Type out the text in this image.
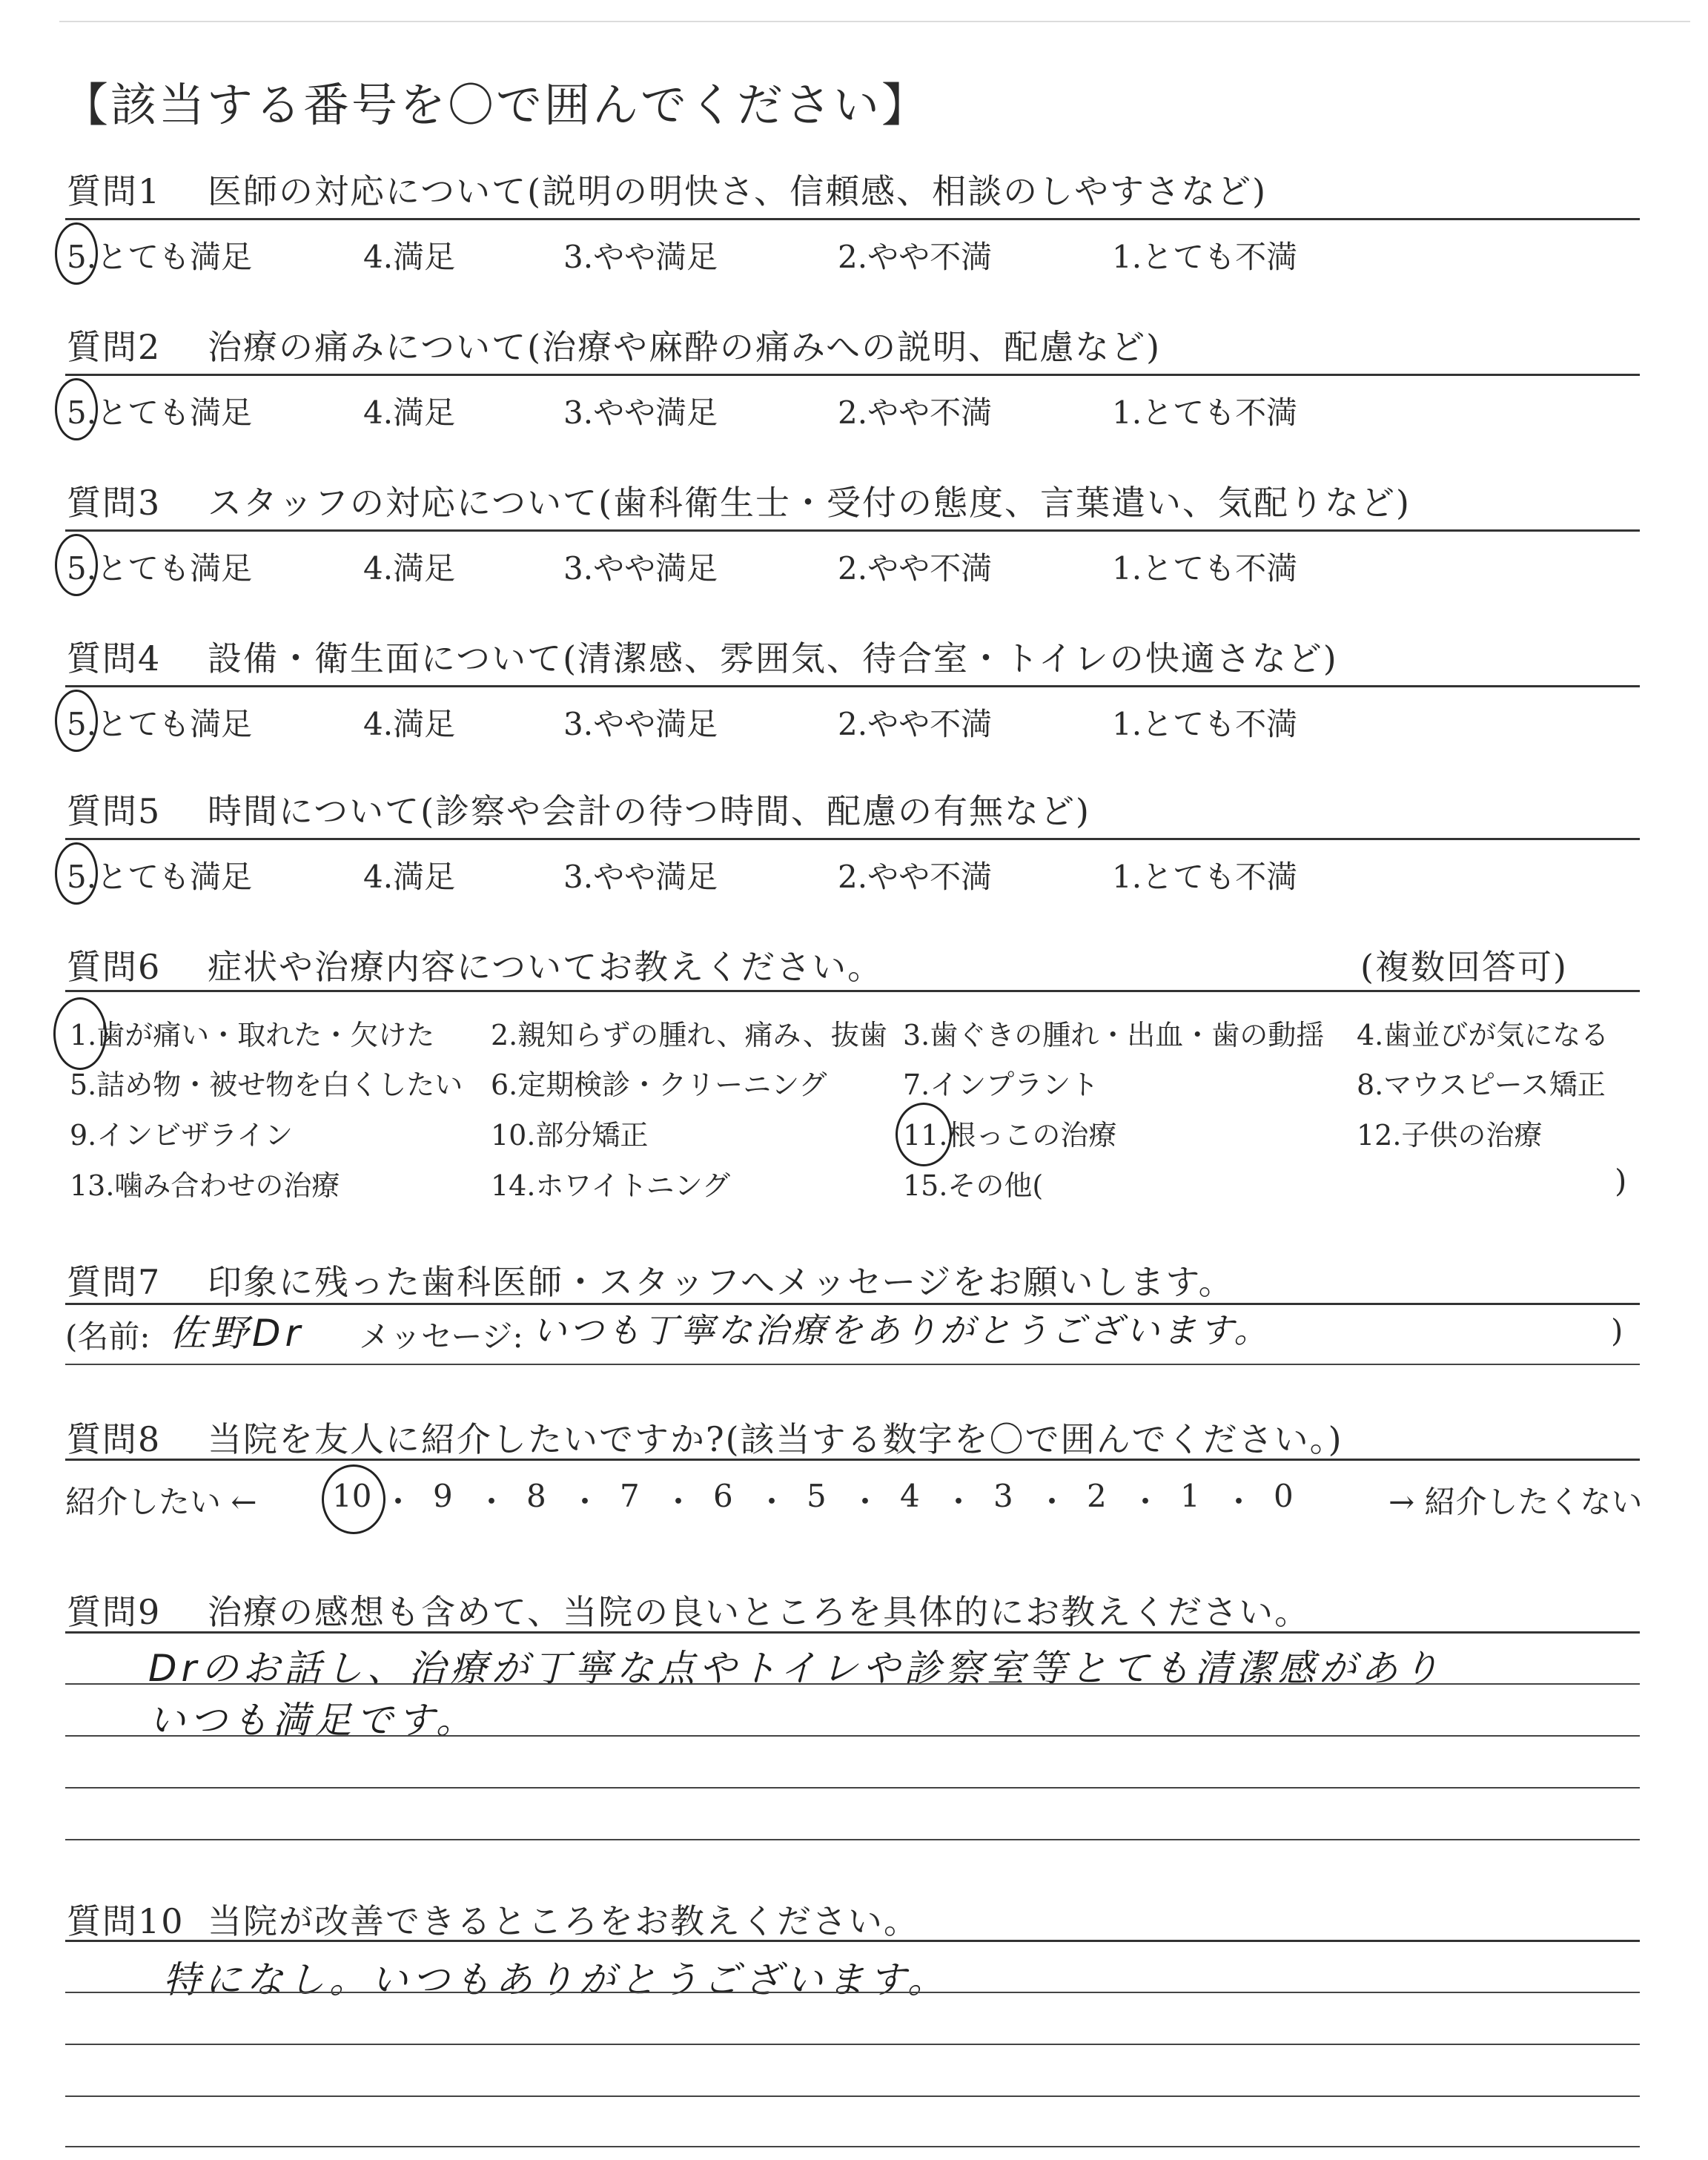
【該当する番号を〇で囲んでください】
質問1 医師の対応について(説明の明快さ、信頼感、相談のしやすさなど)
5.とても満足	4.満足	3.やや満足	2.やや不満	1.とても不満
質問2 治療の痛みについて(治療や麻酔の痛みへの説明、配慮など)
5.とても満足	4.満足	3.やや満足	2.やや不満	1.とても不満
質問3 スタッフの対応について(歯科衛生士・受付の態度、言葉遣い、気配りなど)
5.とても満足	4.満足	3.やや満足	2.やや不満	1.とても不満
質問4 設備・衛生面について(清潔感、雰囲気、待合室・トイレの快適さなど)
5.とても満足	4.満足	3.やや満足	2.やや不満	1.とても不満
質問5 時間について(診察や会計の待つ時間、配慮の有無など)
5.とても満足	4.満足	3.やや満足	2.やや不満	1.とても不満
質問6 症状や治療内容についてお教えください。	(複数回答可)
1.歯が痛い・取れた・欠けた 2.親知らずの腫れ、痛み、抜歯 3.歯ぐきの腫れ・出血・歯の動揺 4.歯並びが気になる
5.詰め物・被せ物を白くしたい 6.定期検診・クリーニング	7.インプラント	8.マウスピース矯正
9.インビザライン	10.部分矯正	11.根っこの治療	12.子供の治療
13.噛み合わせの治療	14.ホワイトニング	15.その他(	)
質問7 印象に残った歯科医師・スタッフへメッセージをお願いします。
(名前: 佐野Dr メッセージ: いつも丁寧な治療をありがとうございます。	)
質問8 当院を友人に紹介したいですか?(該当する数字を〇で囲んでください。)
紹介したい ←	→ 紹介したくない
10 ・ 9 ・ 8 ・ 7 ・ 6 ・ 5 ・ 4 ・ 3 ・ 2 ・ 1 ・ 0
質問9 治療の感想も含めて、当院の良いところを具体的にお教えください。
Drのお話し、治療が丁寧な点やトイレや診察室等とても清潔感があり
いつも満足です。
質問10 当院が改善できるところをお教えください。
特になし。いつもありがとうございます。
